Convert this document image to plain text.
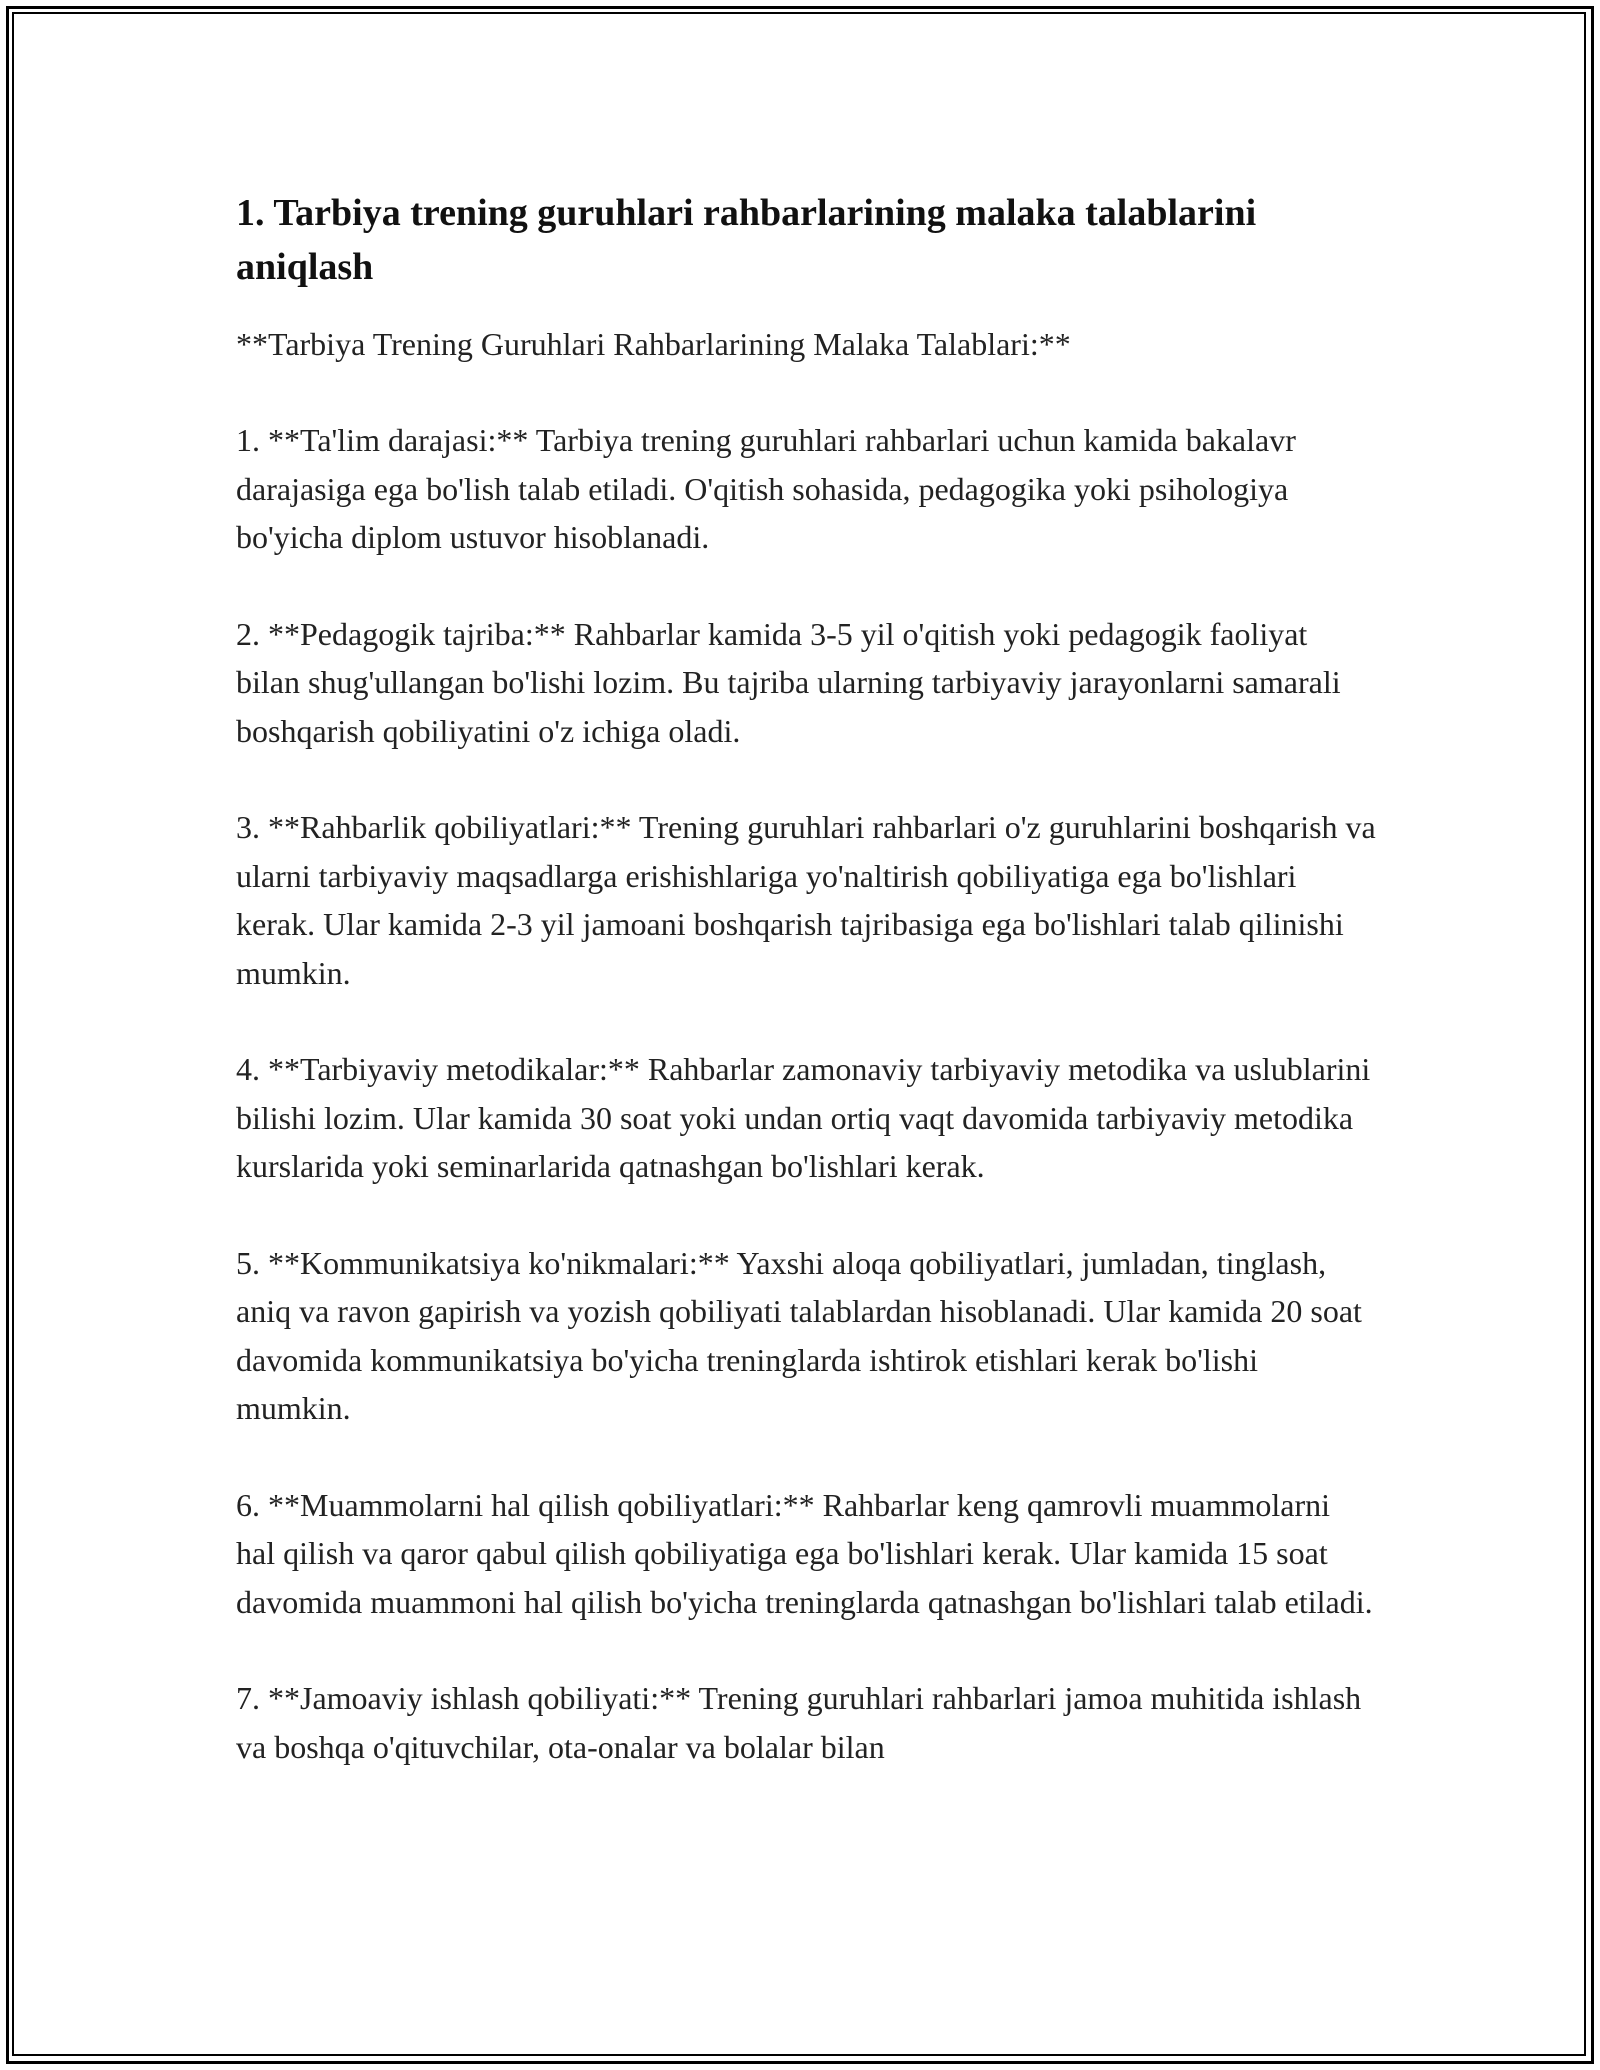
1. Tarbiya trening guruhlari rahbarlarining malaka talablarini aniqlash

**Tarbiya Trening Guruhlari Rahbarlarining Malaka Talablari:**

1. **Ta'lim darajasi:** Tarbiya trening guruhlari rahbarlari uchun kamida bakalavr darajasiga ega bo'lish talab etiladi. O'qitish sohasida, pedagogika yoki psihologiya bo'yicha diplom ustuvor hisoblanadi.

2. **Pedagogik tajriba:** Rahbarlar kamida 3-5 yil o'qitish yoki pedagogik faoliyat bilan shug'ullangan bo'lishi lozim. Bu tajriba ularning tarbiyaviy jarayonlarni samarali boshqarish qobiliyatini o'z ichiga oladi.

3. **Rahbarlik qobiliyatlari:** Trening guruhlari rahbarlari o'z guruhlarini boshqarish va ularni tarbiyaviy maqsadlarga erishishlariga yo'naltirish qobiliyatiga ega bo'lishlari kerak. Ular kamida 2-3 yil jamoani boshqarish tajribasiga ega bo'lishlari talab qilinishi mumkin.

4. **Tarbiyaviy metodikalar:** Rahbarlar zamonaviy tarbiyaviy metodika va uslublarini bilishi lozim. Ular kamida 30 soat yoki undan ortiq vaqt davomida tarbiyaviy metodika kurslarida yoki seminarlarida qatnashgan bo'lishlari kerak.

5. **Kommunikatsiya ko'nikmalari:** Yaxshi aloqa qobiliyatlari, jumladan, tinglash, aniq va ravon gapirish va yozish qobiliyati talablardan hisoblanadi. Ular kamida 20 soat davomida kommunikatsiya bo'yicha treninglarda ishtirok etishlari kerak bo'lishi mumkin.

6. **Muammolarni hal qilish qobiliyatlari:** Rahbarlar keng qamrovli muammolarni hal qilish va qaror qabul qilish qobiliyatiga ega bo'lishlari kerak. Ular kamida 15 soat davomida muammoni hal qilish bo'yicha treninglarda qatnashgan bo'lishlari talab etiladi.

7. **Jamoaviy ishlash qobiliyati:** Trening guruhlari rahbarlari jamoa muhitida ishlash va boshqa o'qituvchilar, ota-onalar va bolalar bilan
